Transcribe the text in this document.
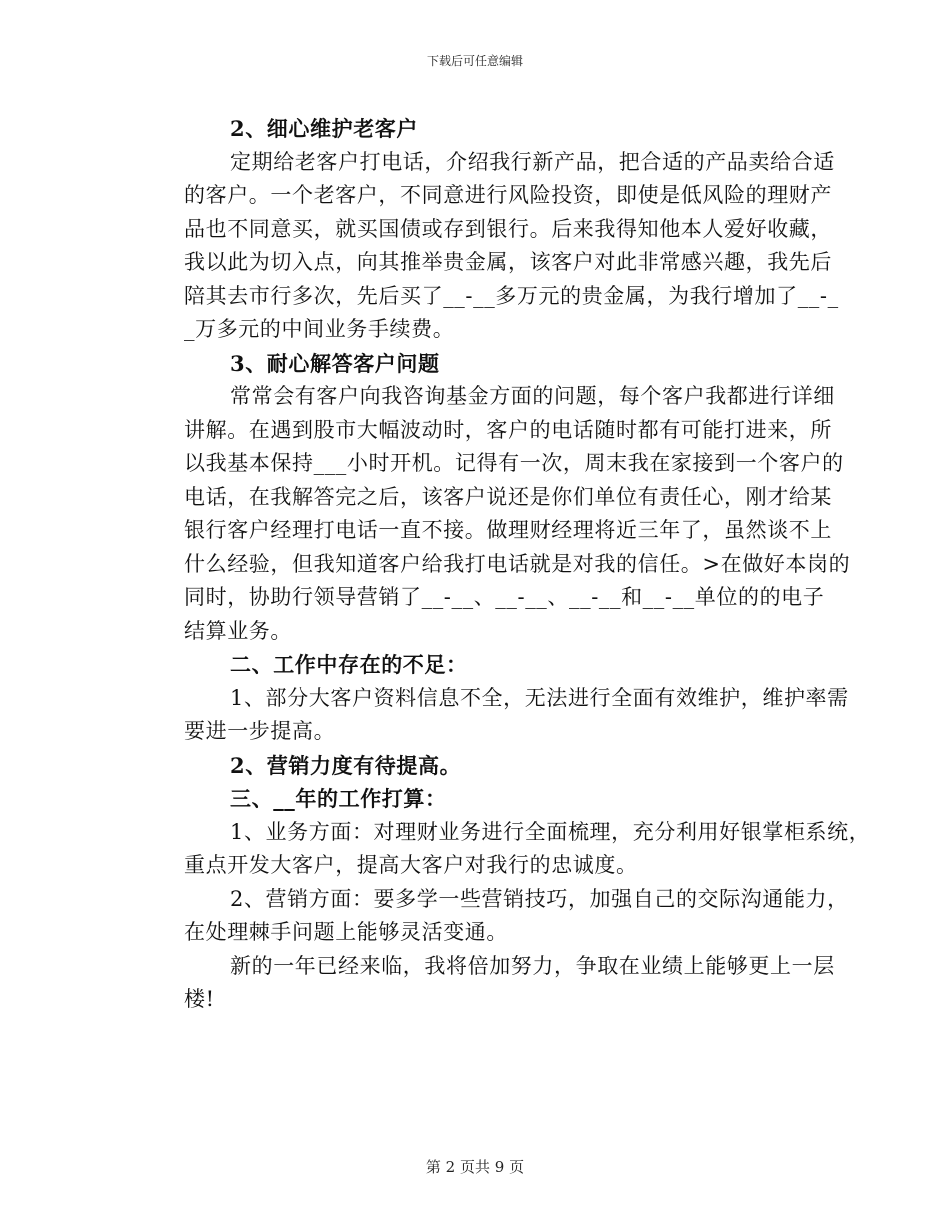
下载后可任意编辑

2、细心维护老客户

定期给老客户打电话，介绍我行新产品，把合适的产品卖给合适
的客户。一个老客户，不同意进行风险投资，即使是低风险的理财产
品也不同意买，就买国债或存到银行。后来我得知他本人爱好收藏，
我以此为切入点，向其推举贵金属，该客户对此非常感兴趣，我先后
陪其去市行多次，先后买了__-__多万元的贵金属，为我行增加了__-_
_万多元的中间业务手续费。

3、耐心解答客户问题

常常会有客户向我咨询基金方面的问题，每个客户我都进行详细
讲解。在遇到股市大幅波动时，客户的电话随时都有可能打进来，所
以我基本保持___小时开机。记得有一次，周末我在家接到一个客户的
电话，在我解答完之后，该客户说还是你们单位有责任心，刚才给某
银行客户经理打电话一直不接。做理财经理将近三年了，虽然谈不上
什么经验，但我知道客户给我打电话就是对我的信任。>在做好本岗的
同时，协助行领导营销了__-__、__-__、__-__和__-__单位的的电子
结算业务。

二、工作中存在的不足：

1、部分大客户资料信息不全，无法进行全面有效维护，维护率需
要进一步提高。

2、营销力度有待提高。

三、__年的工作打算：

1、业务方面：对理财业务进行全面梳理，充分利用好银掌柜系统，
重点开发大客户，提高大客户对我行的忠诚度。

2、营销方面：要多学一些营销技巧，加强自己的交际沟通能力，
在处理棘手问题上能够灵活变通。

新的一年已经来临，我将倍加努力，争取在业绩上能够更上一层
楼!

第 2 页共 9 页
